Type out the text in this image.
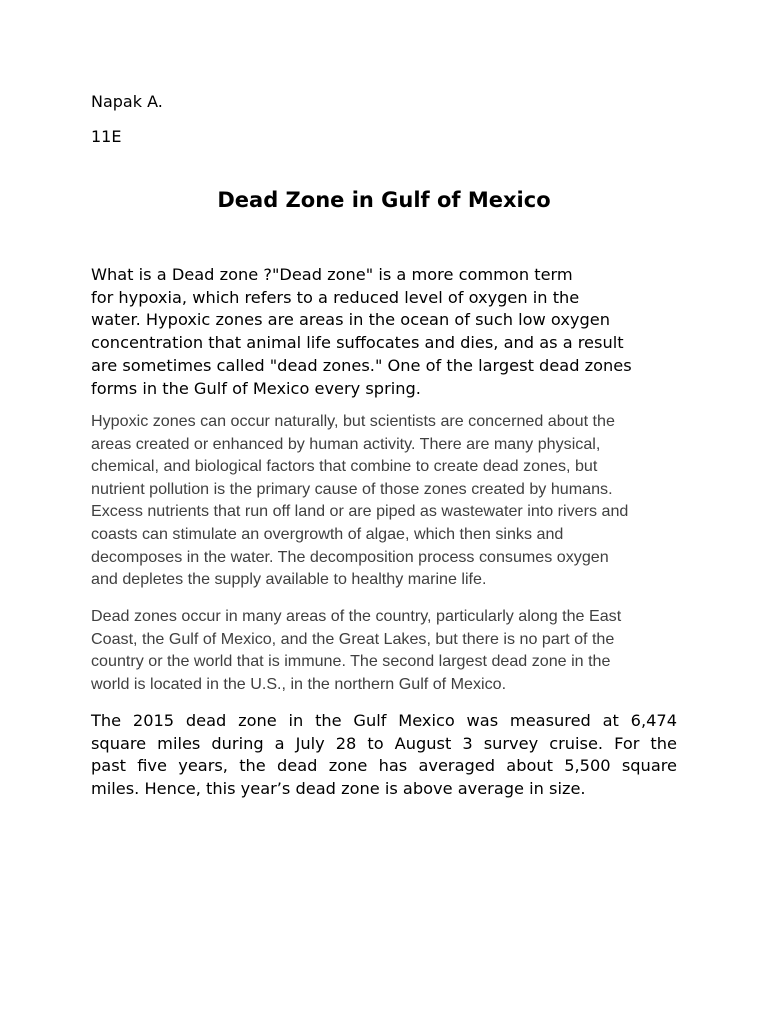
Napak A.
11E
Dead Zone in Gulf of Mexico

What is a Dead zone ?"Dead zone" is a more common term
for hypoxia, which refers to a reduced level of oxygen in the
water. Hypoxic zones are areas in the ocean of such low oxygen
concentration that animal life suffocates and dies, and as a result
are sometimes called "dead zones." One of the largest dead zones
forms in the Gulf of Mexico every spring.

Hypoxic zones can occur naturally, but scientists are concerned about the
areas created or enhanced by human activity. There are many physical,
chemical, and biological factors that combine to create dead zones, but
nutrient pollution is the primary cause of those zones created by humans.
Excess nutrients that run off land or are piped as wastewater into rivers and
coasts can stimulate an overgrowth of algae, which then sinks and
decomposes in the water. The decomposition process consumes oxygen
and depletes the supply available to healthy marine life.

Dead zones occur in many areas of the country, particularly along the East
Coast, the Gulf of Mexico, and the Great Lakes, but there is no part of the
country or the world that is immune. The second largest dead zone in the
world is located in the U.S., in the northern Gulf of Mexico.

The 2015 dead zone in the Gulf Mexico was measured at 6,474
square miles during a July 28 to August 3 survey cruise. For the
past five years, the dead zone has averaged about 5,500 square
miles. Hence, this year’s dead zone is above average in size.
